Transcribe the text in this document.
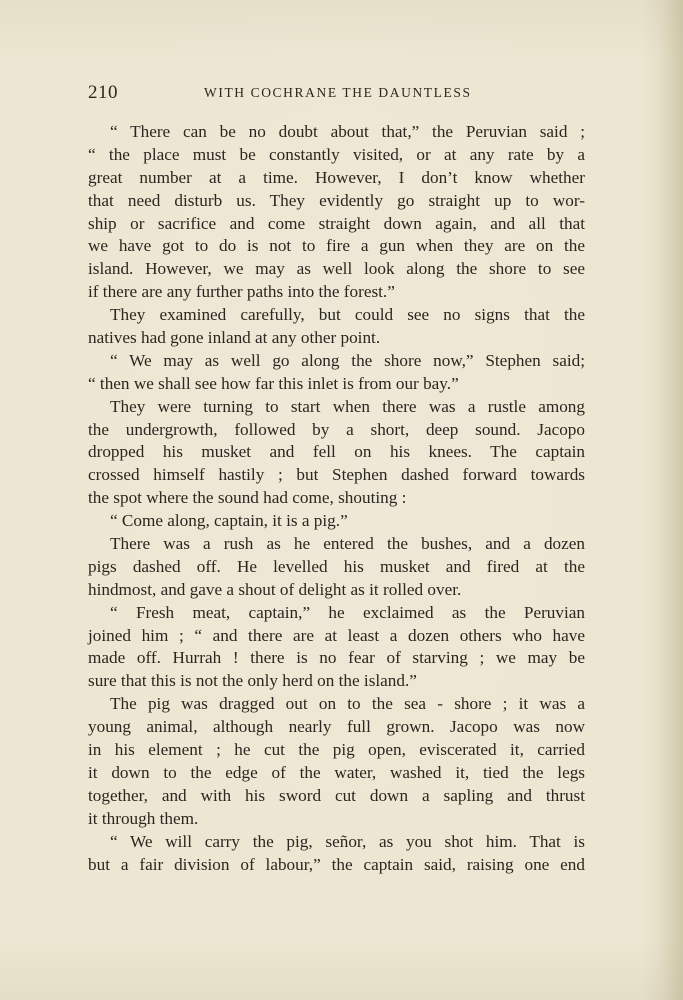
210	WITH COCHRANE THE DAUNTLESS
“ There can be no doubt about that,” the Peruvian said ;
“ the place must be constantly visited, or at any rate by a
great number at a time. However, I don’t know whether
that need disturb us. They evidently go straight up to wor-
ship or sacrifice and come straight down again, and all that
we have got to do is not to fire a gun when they are on the
island. However, we may as well look along the shore to see
if there are any further paths into the forest.”
They examined carefully, but could see no signs that the
natives had gone inland at any other point.
“ We may as well go along the shore now,” Stephen said;
“ then we shall see how far this inlet is from our bay.”
They were turning to start when there was a rustle among
the undergrowth, followed by a short, deep sound. Jacopo
dropped his musket and fell on his knees. The captain
crossed himself hastily ; but Stephen dashed forward towards
the spot where the sound had come, shouting :
“ Come along, captain, it is a pig.”
There was a rush as he entered the bushes, and a dozen
pigs dashed off. He levelled his musket and fired at the
hindmost, and gave a shout of delight as it rolled over.
“ Fresh meat, captain,” he exclaimed as the Peruvian
joined him ; “ and there are at least a dozen others who have
made off. Hurrah ! there is no fear of starving ; we may be
sure that this is not the only herd on the island.”
The pig was dragged out on to the sea - shore ; it was a
young animal, although nearly full grown. Jacopo was now
in his element ; he cut the pig open, eviscerated it, carried
it down to the edge of the water, washed it, tied the legs
together, and with his sword cut down a sapling and thrust
it through them.
“ We will carry the pig, señor, as you shot him. That is
but a fair division of labour,” the captain said, raising one end
